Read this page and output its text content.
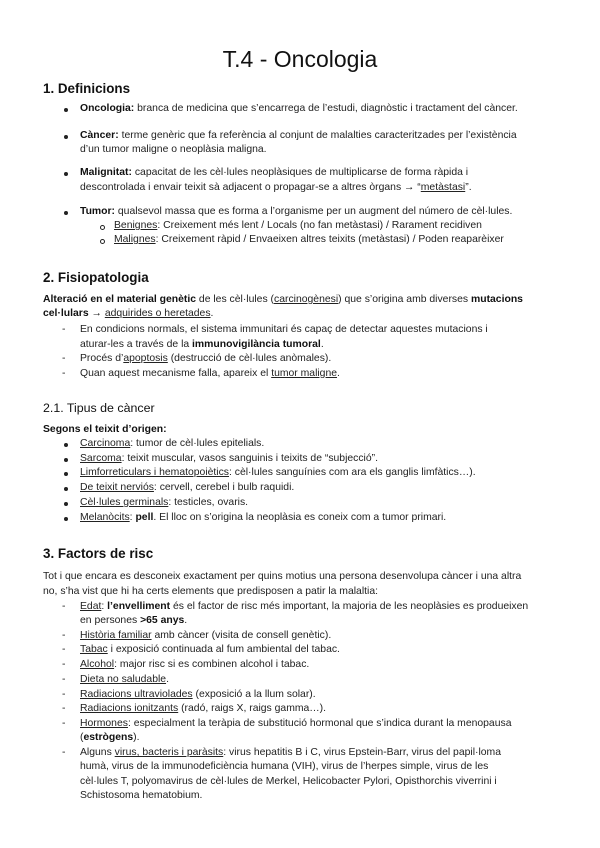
T.4 - Oncologia
1. Definicions
Oncologia: branca de medicina que s’encarrega de l’estudi, diagnòstic i tractament del càncer.
Càncer: terme genèric que fa referència al conjunt de malalties caracteritzades per l’existència
d’un tumor maligne o neoplàsia maligna.
Malignitat: capacitat de les cèl·lules neoplàsiques de multiplicarse de forma ràpida i
descontrolada i envair teixit sà adjacent o propagar-se a altres òrgans → “metàstasi”.
Tumor: qualsevol massa que es forma a l’organisme per un augment del número de cèl·lules.
Benignes: Creixement més lent / Locals (no fan metàstasi) / Rarament recidiven
Malignes: Creixement ràpid / Envaeixen altres teixits (metàstasi) / Poden reaparèixer
2. Fisiopatologia
Alteració en el material genètic de les cèl·lules (carcinogènesi) que s’origina amb diverses mutacions
cel·lulars → adquirides o heretades.
- En condicions normals, el sistema immunitari és capaç de detectar aquestes mutacions i
aturar-les a través de la immunovigilància tumoral.
- Procés d’apoptosis (destrucció de cèl·lules anòmales).
- Quan aquest mecanisme falla, apareix el tumor maligne.
2.1. Tipus de càncer
Segons el teixit d’origen:
Carcinoma: tumor de cèl·lules epitelials.
Sarcoma: teixit muscular, vasos sanguinis i teixits de “subjecció”.
Limforreticulars i hematopoiètics: cèl·lules sanguínies com ara els ganglis limfàtics…).
De teixit nerviós: cervell, cerebel i bulb raquidi.
Cèl·lules germinals: testicles, ovaris.
Melanòcits: pell. El lloc on s’origina la neoplàsia es coneix com a tumor primari.
3. Factors de risc
Tot i que encara es desconeix exactament per quins motius una persona desenvolupa càncer i una altra
no, s’ha vist que hi ha certs elements que predisposen a patir la malaltia:
- Edat: l’envelliment és el factor de risc més important, la majoria de les neoplàsies es produeixen
en persones >65 anys.
- Història familiar amb càncer (visita de consell genètic).
- Tabac i exposició continuada al fum ambiental del tabac.
- Alcohol: major risc si es combinen alcohol i tabac.
- Dieta no saludable.
- Radiacions ultraviolades (exposició a la llum solar).
- Radiacions ionitzants (radó, raigs X, raigs gamma…).
- Hormones: especialment la teràpia de substitució hormonal que s’indica durant la menopausa
(estrògens).
- Alguns virus, bacteris i paràsits: virus hepatitis B i C, virus Epstein-Barr, virus del papil·loma
humà, virus de la immunodeficiència humana (VIH), virus de l’herpes simple, virus de les
cèl·lules T, polyomavirus de cèl·lules de Merkel, Helicobacter Pylori, Opisthorchis viverrini i
Schistosoma hematobium.
